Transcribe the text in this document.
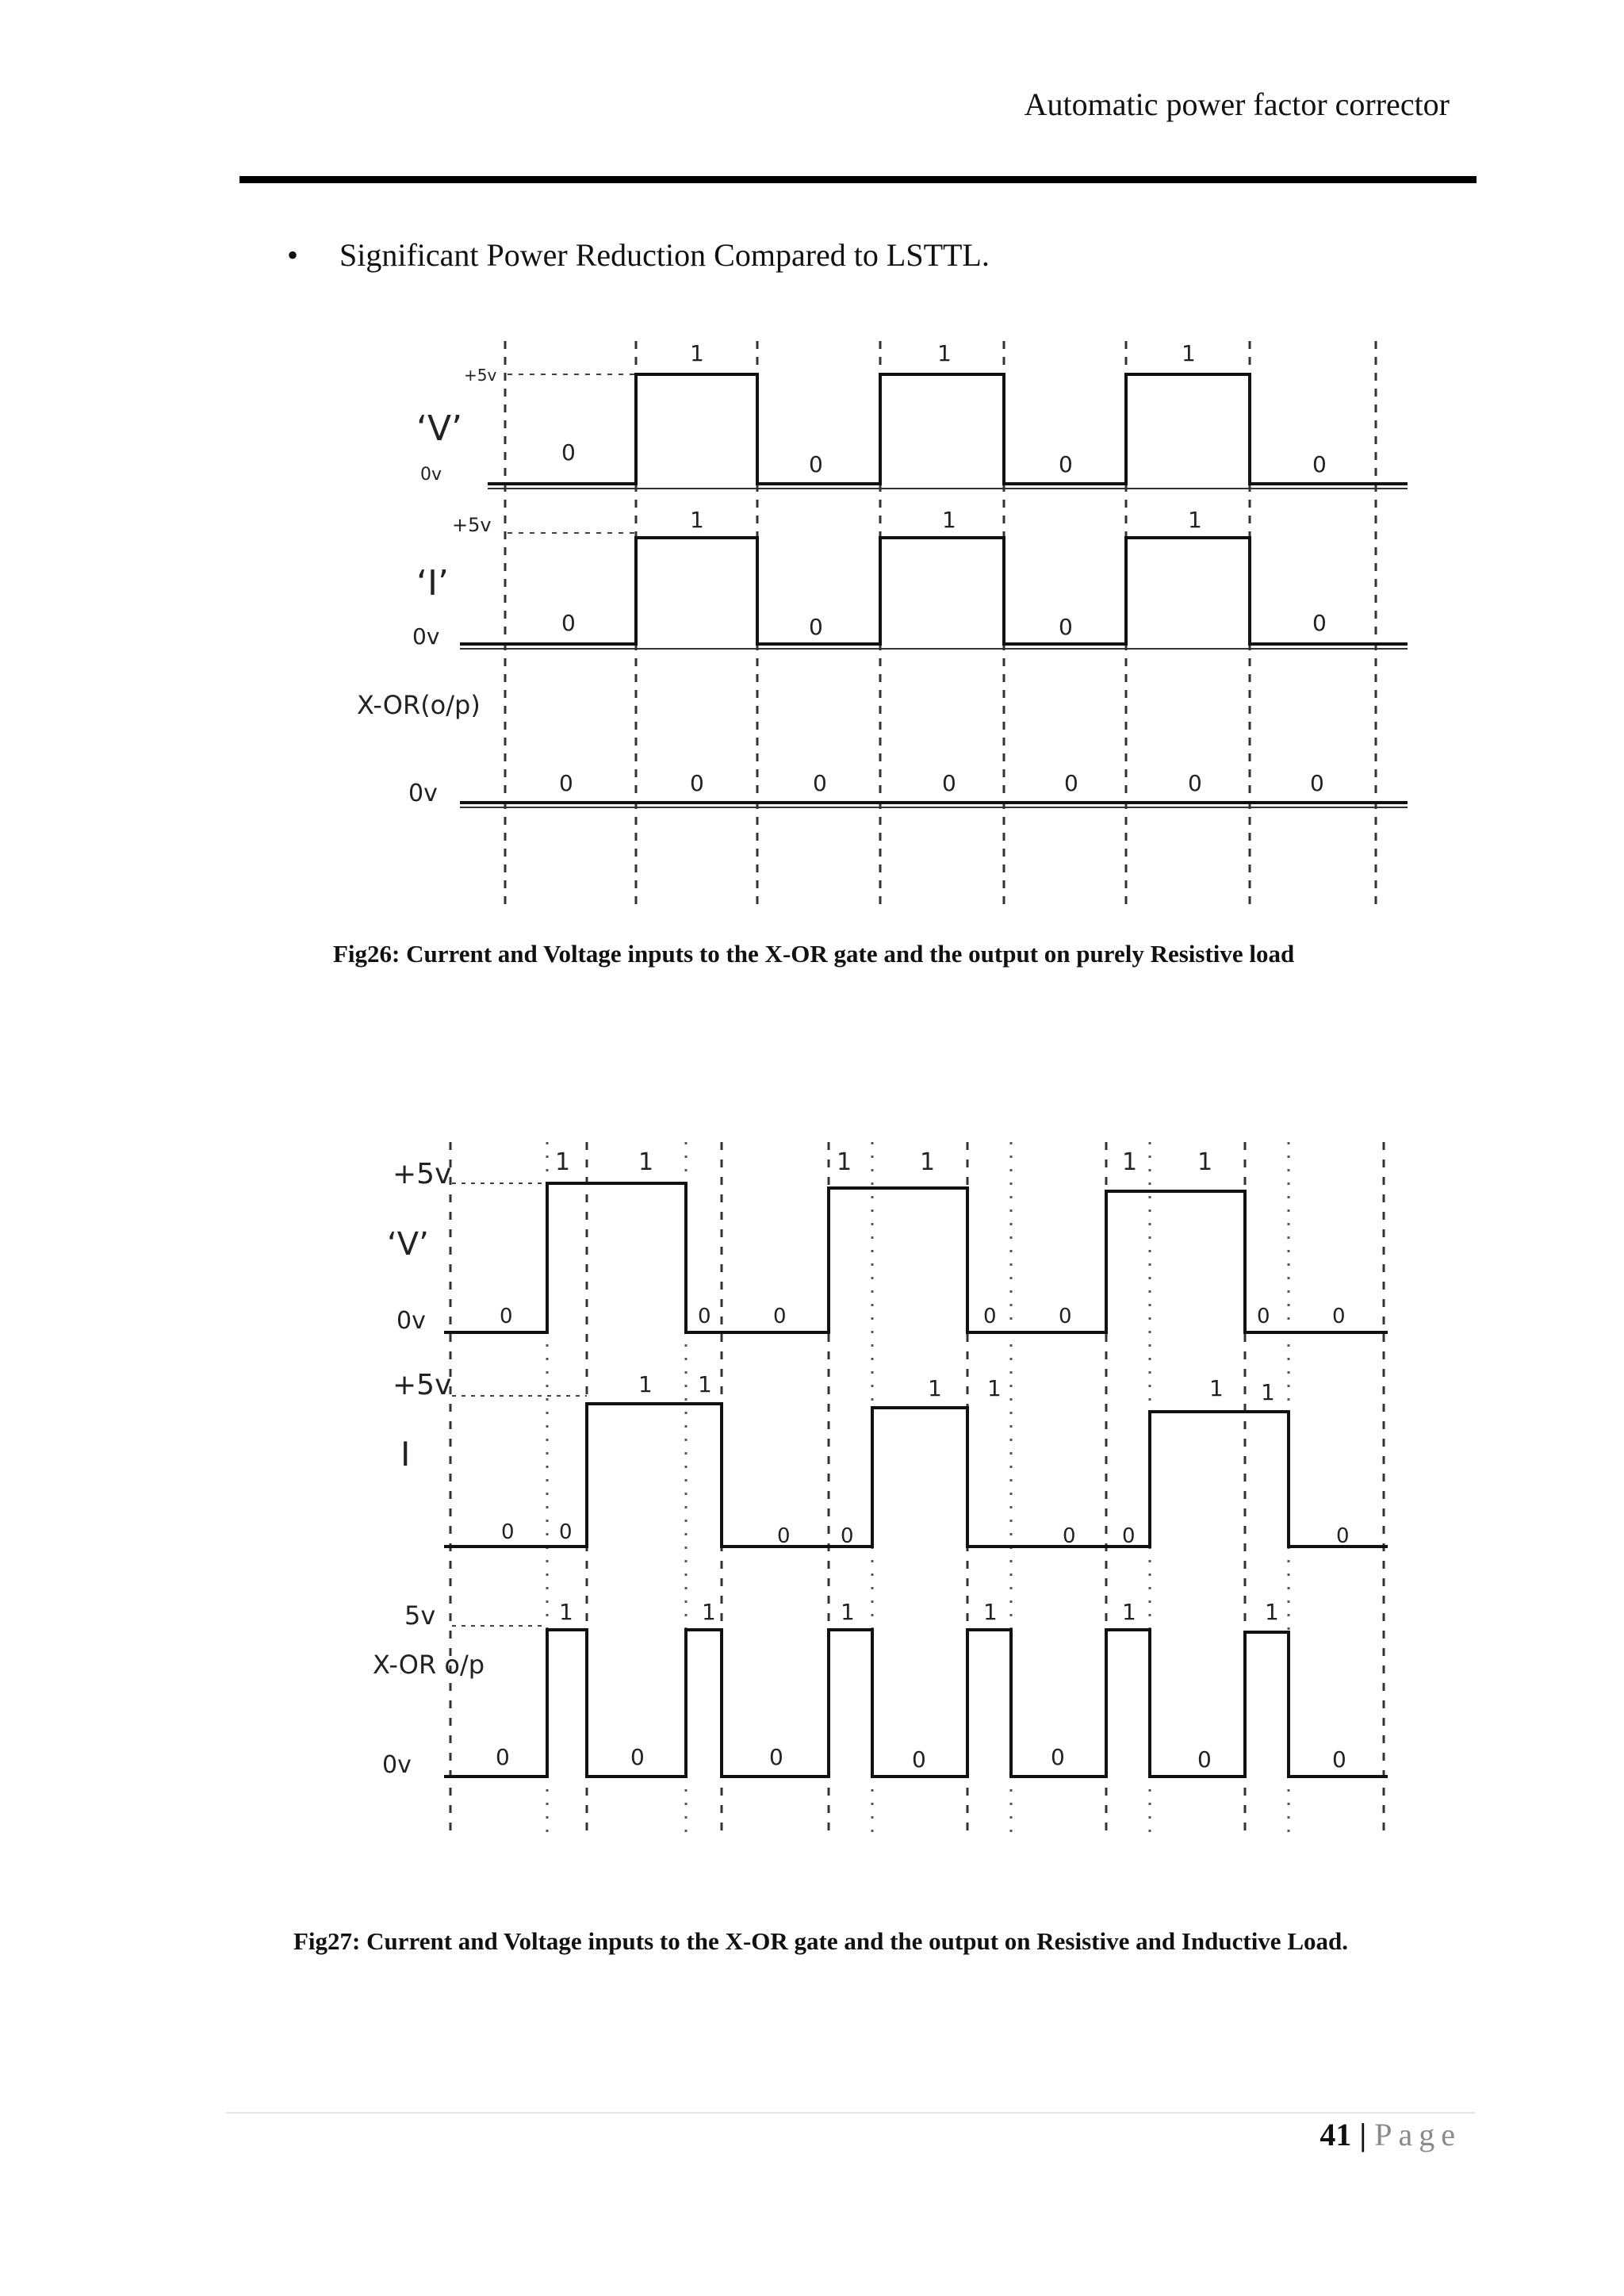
Automatic power factor corrector
• Significant Power Reduction Compared to LSTTL.
+5v
‘V’
0v
+5v
‘I’
0v
X-OR(o/p)
0v
0
1
0
1
0
1
0
0
1
0
1
0
1
0
0	0	0	0	0	0	0
Fig26: Current and Voltage inputs to the X-OR gate and the output on purely Resistive load
+5v
‘V’
0v
+5v
I
5v
X-OR o/p
0v
0
1	1
0	0
1	1
0	0
1	1
0	0
0 0
1 1
0 0
1 1
0 0
1 1
0
0
1
0
1
0
1
0
1
0
1
0
1
0
Fig27: Current and Voltage inputs to the X-OR gate and the output on Resistive and Inductive Load.
41 | Page
